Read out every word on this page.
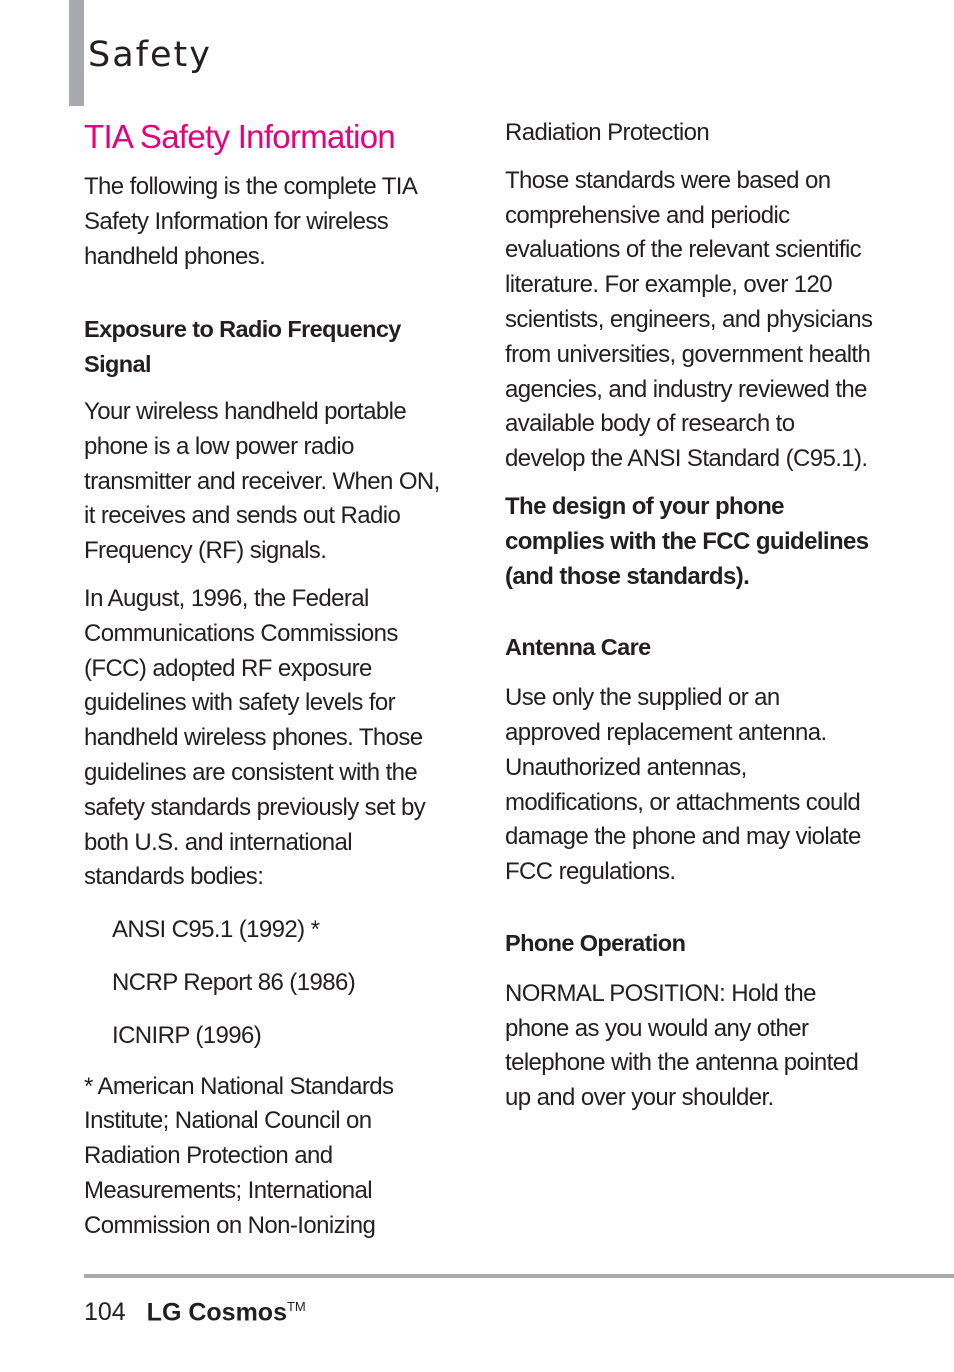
Safety
TIA Safety Information

The following is the complete TIA Safety Information for wireless handheld phones.

Exposure to Radio Frequency Signal

Your wireless handheld portable phone is a low power radio transmitter and receiver. When ON, it receives and sends out Radio Frequency (RF) signals.

In August, 1996, the Federal Communications Commissions (FCC) adopted RF exposure guidelines with safety levels for handheld wireless phones. Those guidelines are consistent with the safety standards previously set by both U.S. and international standards bodies:

ANSI C95.1 (1992) *

NCRP Report 86 (1986)

ICNIRP (1996)

* American National Standards Institute; National Council on Radiation Protection and Measurements; International Commission on Non-Ionizing

Radiation Protection

Those standards were based on comprehensive and periodic evaluations of the relevant scientific literature. For example, over 120 scientists, engineers, and physicians from universities, government health agencies, and industry reviewed the available body of research to develop the ANSI Standard (C95.1).

The design of your phone complies with the FCC guidelines (and those standards).

Antenna Care

Use only the supplied or an approved replacement antenna. Unauthorized antennas, modifications, or attachments could damage the phone and may violate FCC regulations.

Phone Operation

NORMAL POSITION: Hold the phone as you would any other telephone with the antenna pointed up and over your shoulder.

104 LG Cosmos™
